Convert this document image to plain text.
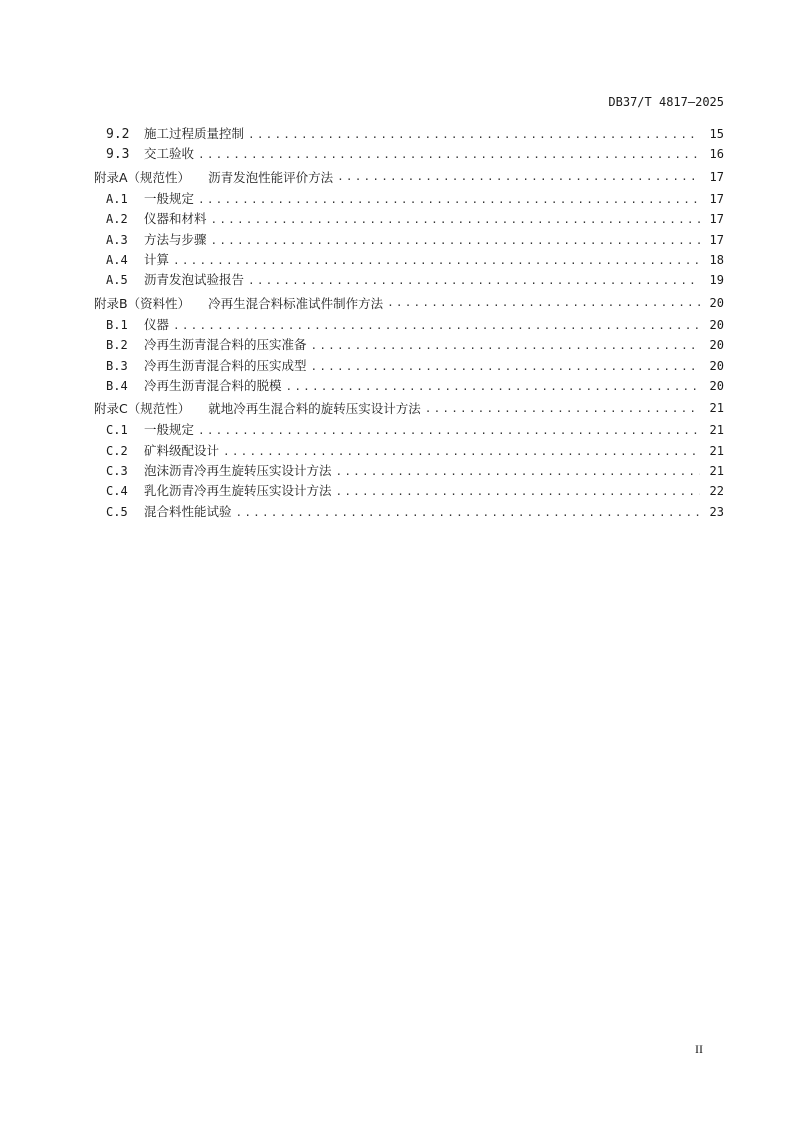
DB37/T 4817—2025
9.2	施工过程质量控制 .....	15
9.3	交工验收 .....	16
附录A（规范性） 沥青发泡性能评价方法 .....	17
A.1	一般规定 .....	17
A.2	仪器和材料 .....	17
A.3	方法与步骤 .....	17
A.4	计算 .....	18
A.5	沥青发泡试验报告 .....	19
附录B（资料性） 冷再生混合料标准试件制作方法 .....	20
B.1	仪器 .....	20
B.2	冷再生沥青混合料的压实准备 .....	20
B.3	冷再生沥青混合料的压实成型 .....	20
B.4	冷再生沥青混合料的脱模 .....	20
附录C（规范性） 就地冷再生混合料的旋转压实设计方法 .....	21
C.1	一般规定 .....	21
C.2	矿料级配设计 .....	21
C.3	泡沫沥青冷再生旋转压实设计方法 .....	21
C.4	乳化沥青冷再生旋转压实设计方法 .....	22
C.5	混合料性能试验 .....	23
II
